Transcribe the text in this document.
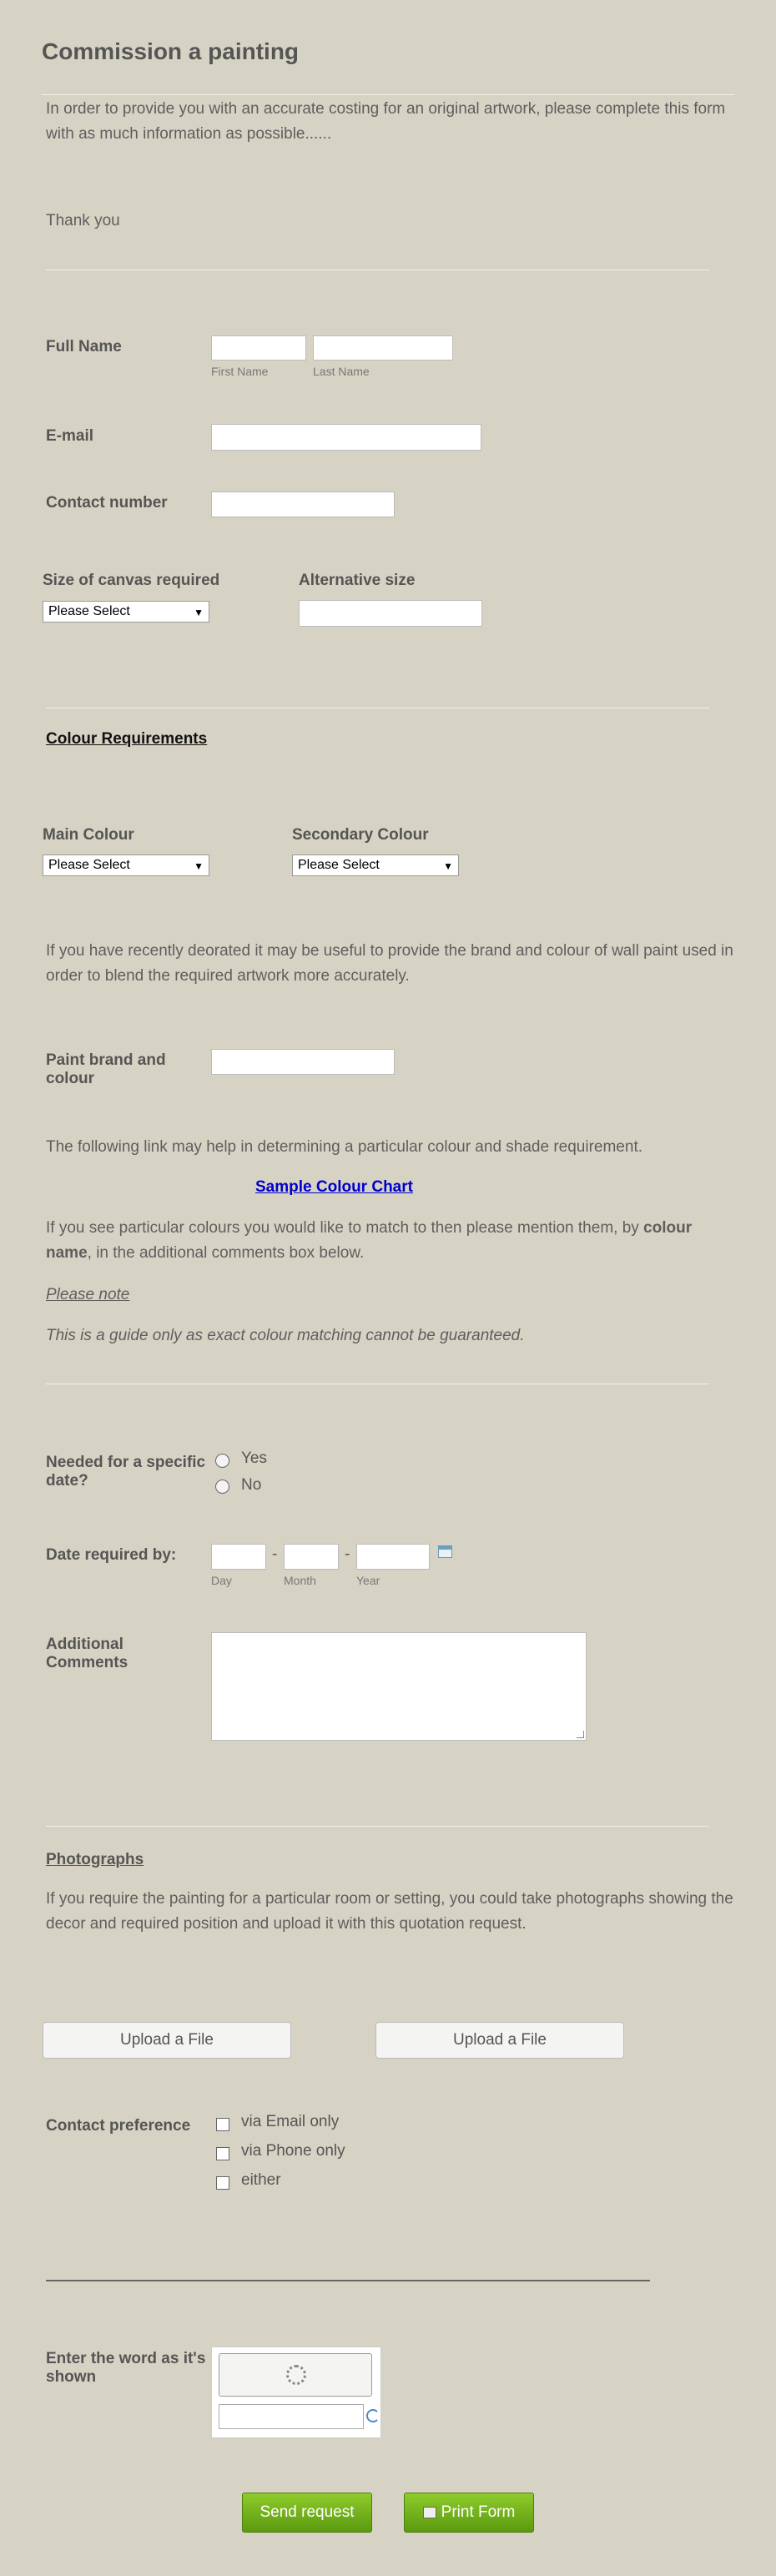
Commission a painting
In order to provide you with an accurate costing for an original artwork, please complete this form with as much information as possible......
Thank you
Full Name
First Name	Last Name
E-mail
Contact number
Size of canvas required
Please Select	▼
Alternative size
Colour Requirements
Main Colour
Please Select	▼
Secondary Colour
Please Select	▼
If you have recently deorated it may be useful to provide the brand and colour of wall paint used in order to blend the required artwork more accurately.
Paint brand and
colour
The following link may help in determining a particular colour and shade requirement.
Sample Colour Chart
If you see particular colours you would like to match to then please mention them, by colour name, in the additional comments box below.
Please note
This is a guide only as exact colour matching cannot be guaranteed.
Needed for a specific
date?
Yes
No
Date required by:	-	-
Day	Month	Year
Additional
Comments
Photographs
If you require the painting for a particular room or setting, you could take photographs showing the decor and required position and upload it with this quotation request.
Upload a File	Upload a File
Contact preference	via Email only
via Phone only
either
Enter the word as it's
shown
Send request	Print Form
